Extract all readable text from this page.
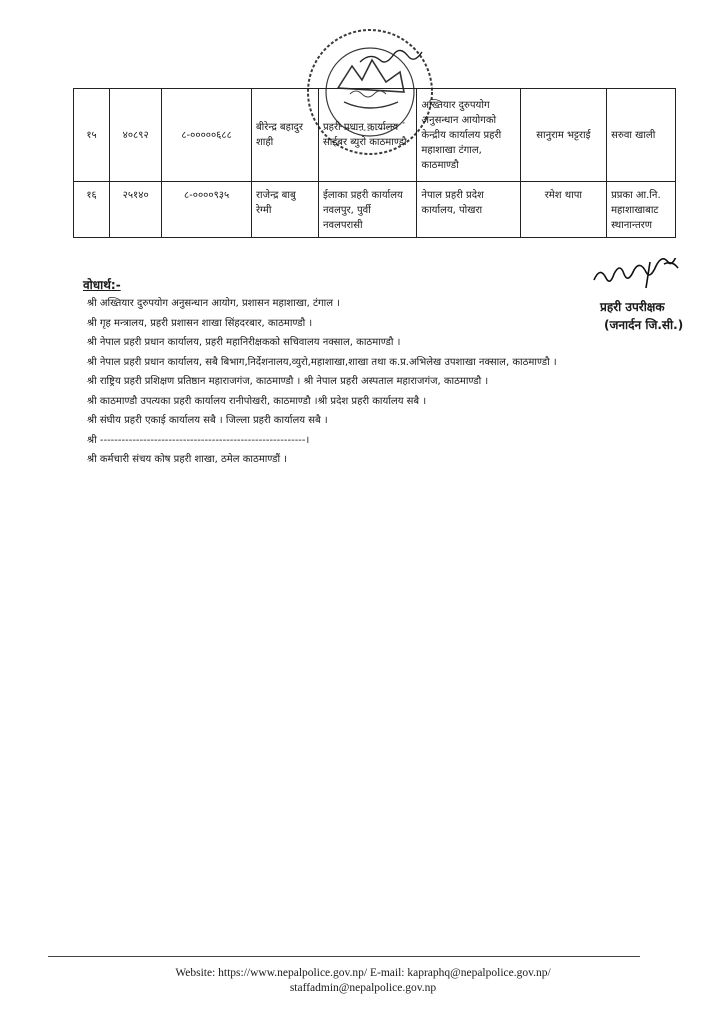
१५	४०८९२	८-०००००६८८	बीरेन्द्र बहादुर शाही	प्रहरी प्रधान कार्यालय साईबर ब्युरो काठमाण्डौ	अख्तियार दुरुपयोग अनुसन्धान आयोगको केन्द्रीय कार्यालय प्रहरी महाशाखा टंगाल, काठमाण्डौ	सानुराम भट्टराई	सरुवा खाली
१६	२५१४०	८-००००९३५	राजेन्द्र बाबु रेग्मी	ईलाका प्रहरी कार्यालय नवलपुर, पुर्वी नवलपरासी	नेपाल प्रहरी प्रदेश कार्यालय, पोखरा	रमेश थापा	प्रप्रका आ.नि. महाशाखाबाट स्थानान्तरण
प्रहरी उपरीक्षक
(जनार्दन जि.सी.)
वोधार्थ:-
श्री अख्तियार दुरुपयोग अनुसन्धान आयोग, प्रशासन महाशाखा, टंगाल ।
श्री गृह मन्त्रालय, प्रहरी प्रशासन शाखा सिंहदरबार, काठमाण्डौ ।
श्री नेपाल प्रहरी प्रधान कार्यालय, प्रहरी महानिरीक्षकको सचिवालय नक्साल, काठमाण्डौ ।
श्री नेपाल प्रहरी प्रधान कार्यालय, सबै बिभाग,निर्देशनालय,व्युरो,महाशाखा,शाखा तथा क.प्र.अभिलेख उपशाखा नक्साल, काठमाण्डौ ।
श्री राष्ट्रिय प्रहरी प्रशिक्षण प्रतिष्ठान महाराजगंज, काठमाण्डौ । श्री नेपाल प्रहरी अस्पताल महाराजगंज, काठमाण्डौ ।
श्री काठमाण्डौ उपत्यका प्रहरी कार्यालय रानीपोखरी, काठमाण्डौ ।श्री प्रदेश प्रहरी कार्यालय सबै ।
श्री संघीय प्रहरी एकाई कार्यालय सबै । जिल्ला प्रहरी कार्यालय सबै ।
श्री ---------------------------------------------------------।
श्री कर्मचारी संचय कोष प्रहरी शाखा, ठमेल काठमाण्डौं ।
Website: https://www.nepalpolice.gov.np/ E-mail: kapraphq@nepalpolice.gov.np/
staffadmin@nepalpolice.gov.np
